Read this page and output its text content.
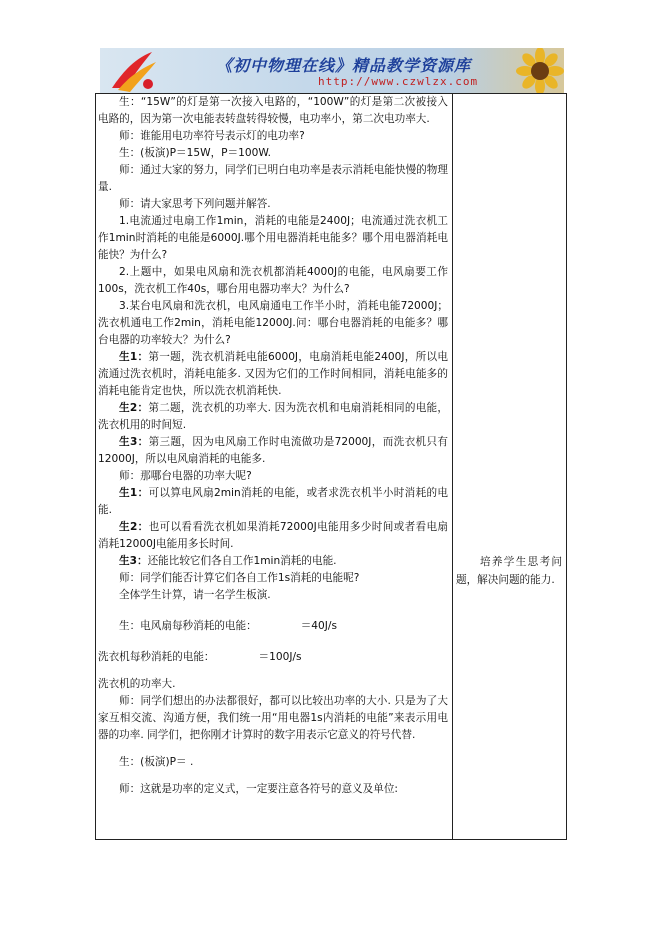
《初中物理在线》精品教学资源库
http://www.czwlzx.com

生：“15W”的灯是第一次接入电路的，“100W”的灯是第二次被接入电路的，因为第一次电能表转盘转得较慢，电功率小，第二次电功率大.

师：谁能用电功率符号表示灯的电功率?

生：(板演)P＝15W，P＝100W.

师：通过大家的努力，同学们已明白电功率是表示消耗电能快慢的物理量.

师：请大家思考下列问题并解答.

1.电流通过电扇工作1min，消耗的电能是2400J；电流通过洗衣机工作1min时消耗的电能是6000J.哪个用电器消耗电能多？哪个用电器消耗电能快？为什么?

2.上题中，如果电风扇和洗衣机都消耗4000J的电能，电风扇要工作100s，洗衣机工作40s，哪台用电器功率大？为什么?

3.某台电风扇和洗衣机，电风扇通电工作半小时，消耗电能72000J；洗衣机通电工作2min，消耗电能12000J.问：哪台电器消耗的电能多？哪台电器的功率较大？为什么?

生1：第一题，洗衣机消耗电能6000J，电扇消耗电能2400J，所以电流通过洗衣机时，消耗电能多. 又因为它们的工作时间相同，消耗电能多的消耗电能肯定也快，所以洗衣机消耗快.

生2：第二题，洗衣机的功率大. 因为洗衣机和电扇消耗相同的电能，洗衣机用的时间短.

生3：第三题，因为电风扇工作时电流做功是72000J，而洗衣机只有12000J，所以电风扇消耗的电能多.

师：那哪台电器的功率大呢?

生1：可以算电风扇2min消耗的电能，或者求洗衣机半小时消耗的电能.

生2：也可以看看洗衣机如果消耗72000J电能用多少时间或者看电扇消耗12000J电能用多长时间.

生3：还能比较它们各自工作1min消耗的电能.

师：同学们能否计算它们各自工作1s消耗的电能呢?

全体学生计算，请一名学生板演.

生：电风扇每秒消耗的电能：	＝40J/s

洗衣机每秒消耗的电能：	＝100J/s

洗衣机的功率大.

师：同学们想出的办法都很好，都可以比较出功率的大小. 只是为了大家互相交流、沟通方便，我们统一用“用电器1s内消耗的电能”来表示用电器的功率. 同学们，把你刚才计算时的数字用表示它意义的符号代替.

生：(板演)P＝ .

师：这就是功率的定义式，一定要注意各符号的意义及单位:

培养学生思考问题，解决问题的能力.
